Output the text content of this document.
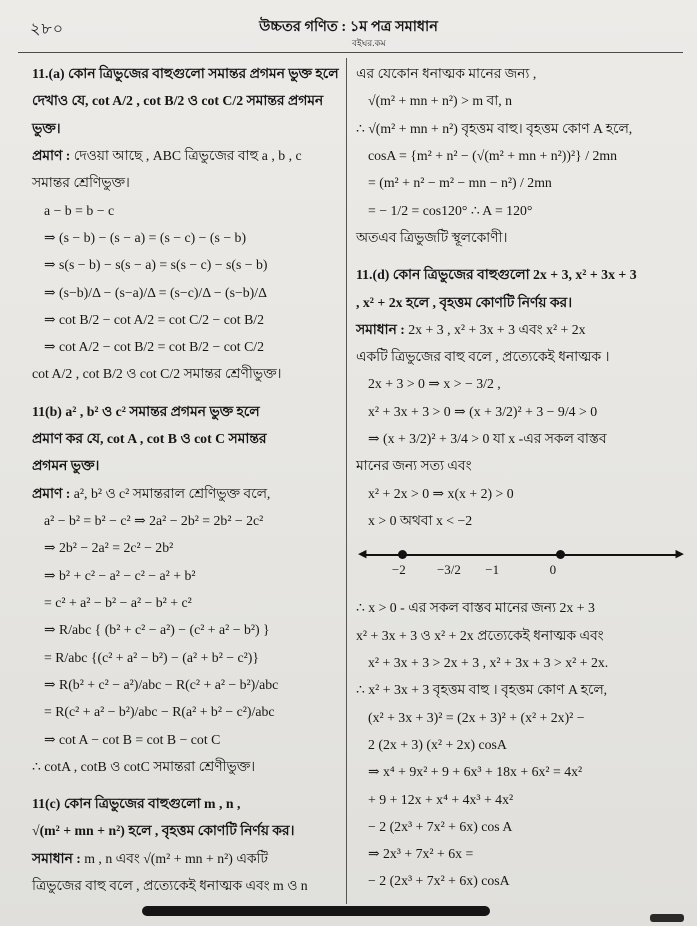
২৮০	উচ্চতর গণিত : ১ম পত্র সমাধান
বইঘর.কম
11.(a) কোন ত্রিভুজের বাহুগুলো সমান্তর প্রগমন ভুক্ত হলে
দেখাও যে, cot A/2 , cot B/2 ও cot C/2 সমান্তর প্রগমন ভুক্ত।
প্রমাণ : দেওয়া আছে , ABC ত্রিভুজের বাহু a , b , c
সমান্তর শ্রেণিভুক্ত।
a − b = b − c
⇒ (s − b) − (s − a) = (s − c) − (s − b)
⇒ s(s − b) − s(s − a) = s(s − c) − s(s − b)
⇒ (s−b)/Δ − (s−a)/Δ = (s−c)/Δ − (s−b)/Δ
⇒ cot B/2 − cot A/2 = cot C/2 − cot B/2
⇒ cot A/2 − cot B/2 = cot B/2 − cot C/2
cot A/2 , cot B/2 ও cot C/2 সমান্তর শ্রেণীভুক্ত।
11(b) a² , b² ও c² সমান্তর প্রগমন ভুক্ত হলে
প্রমাণ কর যে, cot A , cot B ও cot C সমান্তর
প্রগমন ভুক্ত।
প্রমাণ : a², b² ও c² সমান্তরাল শ্রেণিভুক্ত বলে,
a² − b² = b² − c² ⇒ 2a² − 2b² = 2b² − 2c²
⇒ 2b² − 2a² = 2c² − 2b²
⇒ b² + c² − a² − c² − a² + b²
= c² + a² − b² − a² − b² + c²
⇒ R/abc { (b² + c² − a²) − (c² + a² − b²) }
= R/abc {(c² + a² − b²) − (a² + b² − c²)}
⇒ R(b² + c² − a²)/abc − R(c² + a² − b²)/abc
= R(c² + a² − b²)/abc − R(a² + b² − c²)/abc
⇒ cot A − cot B = cot B − cot C
∴ cotA , cotB ও cotC সমান্তরা শ্রেণীভুক্ত।
11(c) কোন ত্রিভুজের বাহুগুলো m , n ,
√(m² + mn + n²) হলে , বৃহত্তম কোণটি নির্ণয় কর।
সমাধান : m , n এবং √(m² + mn + n²) একটি
ত্রিভুজের বাহু বলে , প্রত্যেকেই ধনাত্মক এবং m ও n
এর যেকোন ধনাত্মক মানের জন্য ,
√(m² + mn + n²) > m বা, n
∴ √(m² + mn + n²) বৃহত্তম বাহু। বৃহত্তম কোণ A হলে,
cosA = {m² + n² − (√(m² + mn + n²))²} / 2mn
= (m² + n² − m² − mn − n²) / 2mn
= − 1/2 = cos120° ∴ A = 120°
অতএব ত্রিভুজটি স্থূলকোণী।
11.(d) কোন ত্রিভুজের বাহুগুলো 2x + 3, x² + 3x + 3
, x² + 2x হলে , বৃহত্তম কোণটি নির্ণয় কর।
সমাধান : 2x + 3 , x² + 3x + 3 এবং x² + 2x
একটি ত্রিভুজের বাহু বলে , প্রত্যেকেই ধনাত্মক ।
2x + 3 > 0 ⇒ x > − 3/2 ,
x² + 3x + 3 > 0 ⇒ (x + 3/2)² + 3 − 9/4 > 0
⇒ (x + 3/2)² + 3/4 > 0 যা x -এর সকল বাস্তব
মানের জন্য সত্য এবং
x² + 2x > 0 ⇒ x(x + 2) > 0
x > 0 অথবা x < −2
◀	▶
−2 −3/2 −1	0
∴ x > 0 - এর সকল বাস্তব মানের জন্য 2x + 3
x² + 3x + 3 ও x² + 2x প্রত্যেকেই ধনাত্মক এবং
x² + 3x + 3 > 2x + 3 , x² + 3x + 3 > x² + 2x.
∴ x² + 3x + 3 বৃহত্তম বাহু । বৃহত্তম কোণ A হলে,
(x² + 3x + 3)² = (2x + 3)² + (x² + 2x)² −
2 (2x + 3) (x² + 2x) cosA
⇒ x⁴ + 9x² + 9 + 6x³ + 18x + 6x² = 4x²
+ 9 + 12x + x⁴ + 4x³ + 4x²
− 2 (2x³ + 7x² + 6x) cos A
⇒ 2x³ + 7x² + 6x =
− 2 (2x³ + 7x² + 6x) cosA
